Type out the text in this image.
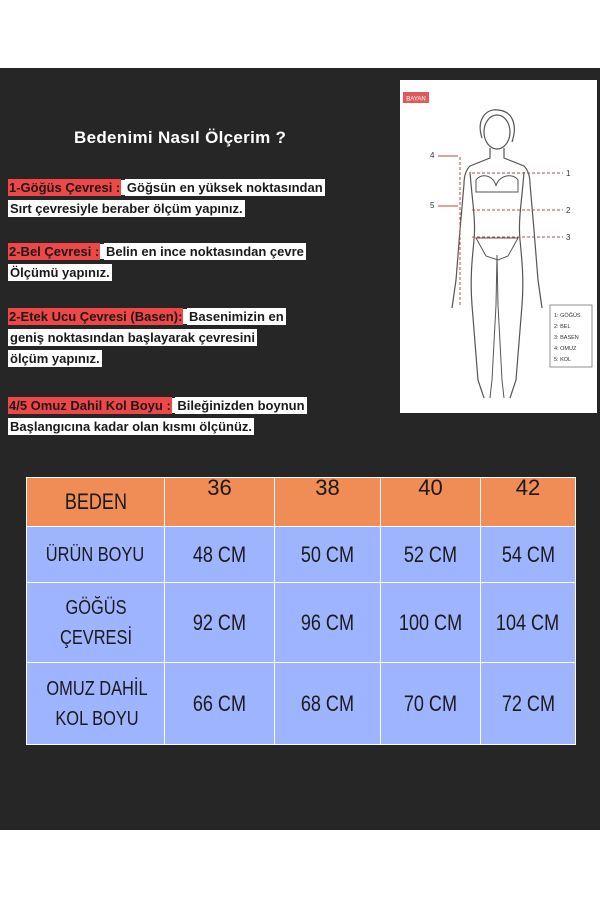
Bedenimi Nasıl Ölçerim ?
1-Göğüs Çevresi : Göğsün en yüksek noktasından
Sırt çevresiyle beraber ölçüm yapınız.
2-Bel Çevresi : Belin en ince noktasından çevre
Ölçümü yapınız.
2-Etek Ucu Çevresi (Basen): Basenimizin en
geniş noktasından başlayarak çevresini
ölçüm yapınız.
4/5 Omuz Dahil Kol Boyu : Bileğinizden boynun
Başlangıcına kadar olan kısmı ölçünüz.
BAYAN
1
2
3
4
5
1: GÖĞÜS
2: BEL
3: BASEN
4: OMUZ
5: KOL
BEDEN	36	38	40	42
ÜRÜN BOYU	48 CM	50 CM	52 CM	54 CM
GÖĞÜS ÇEVRESİ	92 CM	96 CM	100 CM	104 CM
OMUZ DAHİL KOL BOYU	66 CM	68 CM	70 CM	72 CM
